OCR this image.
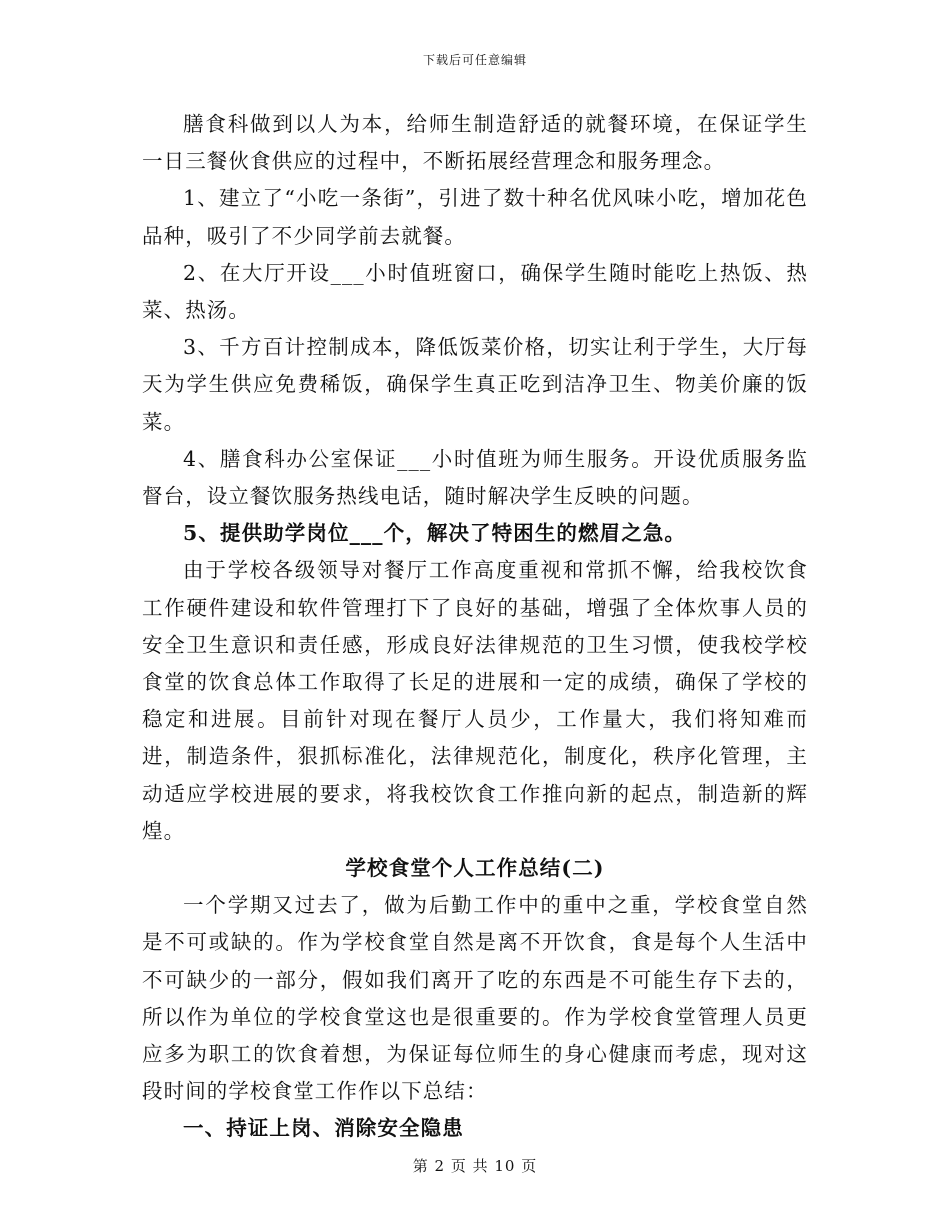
下载后可任意编辑

膳食科做到以人为本，给师生制造舒适的就餐环境，在保证学生一日三餐伙食供应的过程中，不断拓展经营理念和服务理念。

1、建立了“小吃一条街”，引进了数十种名优风味小吃，增加花色品种，吸引了不少同学前去就餐。

2、在大厅开设___小时值班窗口，确保学生随时能吃上热饭、热菜、热汤。

3、千方百计控制成本，降低饭菜价格，切实让利于学生，大厅每天为学生供应免费稀饭，确保学生真正吃到洁净卫生、物美价廉的饭菜。

4、膳食科办公室保证___小时值班为师生服务。开设优质服务监督台，设立餐饮服务热线电话，随时解决学生反映的问题。

5、提供助学岗位___个，解决了特困生的燃眉之急。

由于学校各级领导对餐厅工作高度重视和常抓不懈，给我校饮食工作硬件建设和软件管理打下了良好的基础，增强了全体炊事人员的安全卫生意识和责任感，形成良好法律规范的卫生习惯，使我校学校食堂的饮食总体工作取得了长足的进展和一定的成绩，确保了学校的稳定和进展。目前针对现在餐厅人员少，工作量大，我们将知难而进，制造条件，狠抓标准化，法律规范化，制度化，秩序化管理，主动适应学校进展的要求，将我校饮食工作推向新的起点，制造新的辉煌。

学校食堂个人工作总结(二)

一个学期又过去了，做为后勤工作中的重中之重，学校食堂自然是不可或缺的。作为学校食堂自然是离不开饮食，食是每个人生活中不可缺少的一部分，假如我们离开了吃的东西是不可能生存下去的，所以作为单位的学校食堂这也是很重要的。作为学校食堂管理人员更应多为职工的饮食着想，为保证每位师生的身心健康而考虑，现对这段时间的学校食堂工作作以下总结：

一、持证上岗、消除安全隐患

第 2 页 共 10 页
